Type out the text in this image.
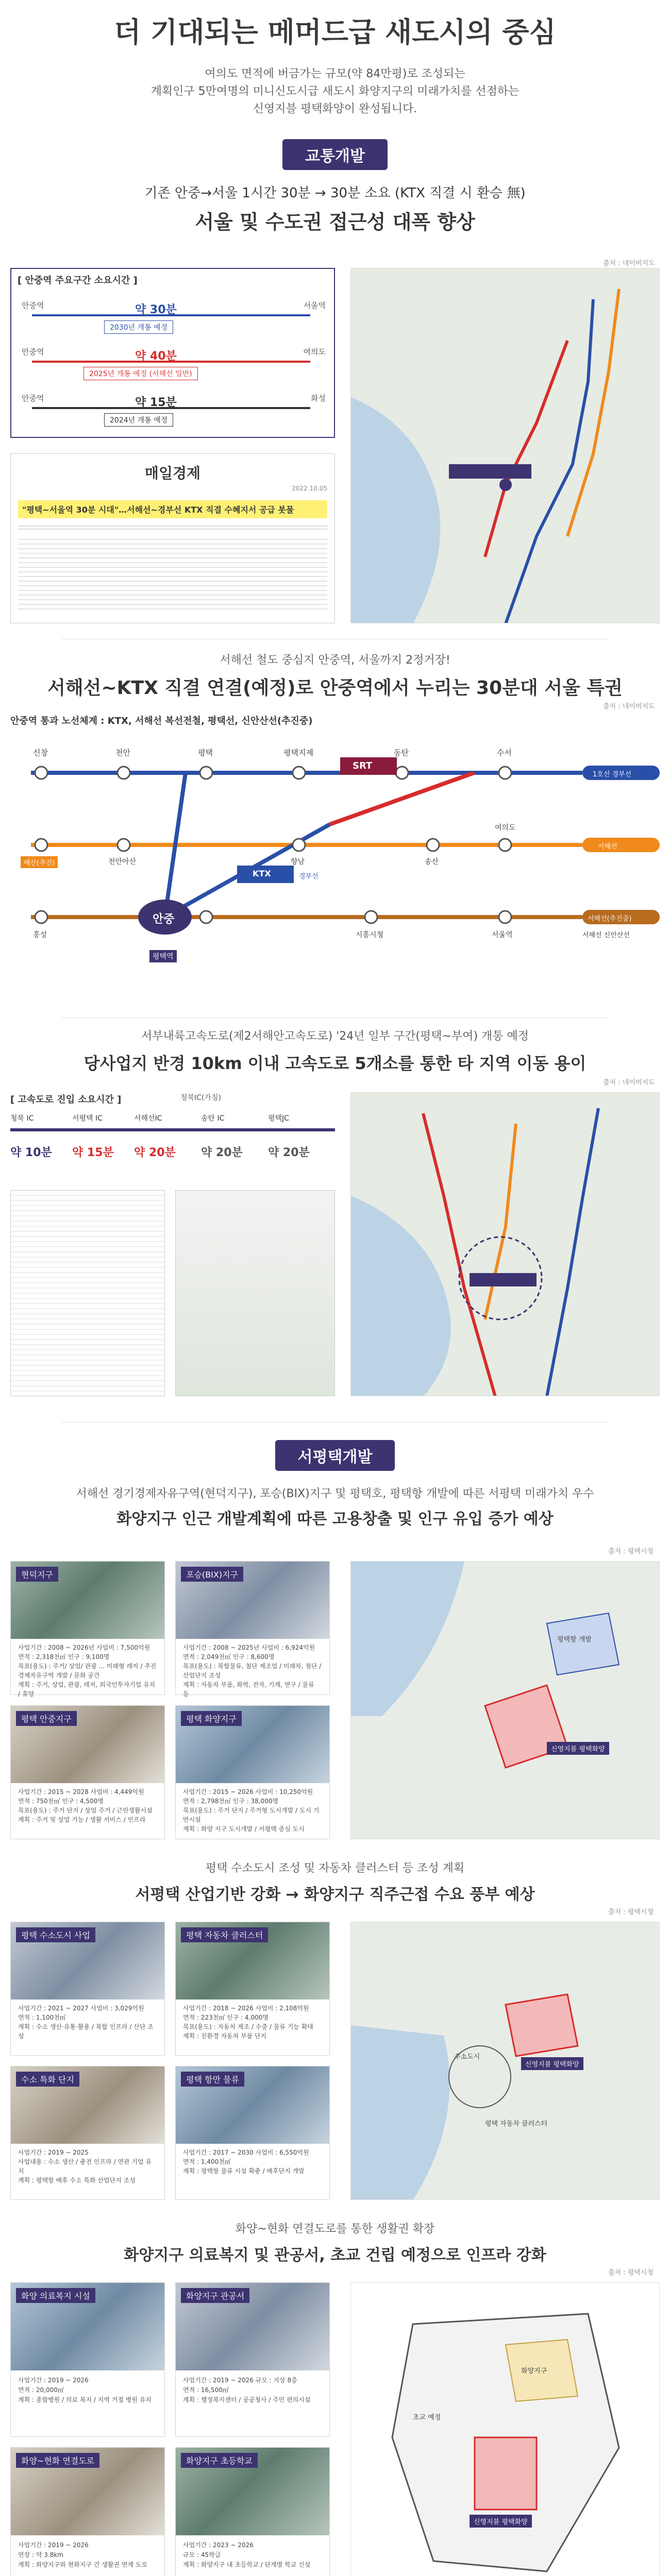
더 기대되는 메머드급 새도시의 중심
여의도 면적에 버금가는 규모(약 84만평)로 조성되는
계획인구 5만여명의 미니신도시급 새도시 화양지구의 미래가치를 선점하는
신영지블 평택화양이 완성됩니다.
교통개발
기존 안중→서울 1시간 30분 → 30분 소요 (KTX 직결 시 환승 無)
서울 및 수도권 접근성 대폭 향상
출처 : 네이버지도
[ 안중역 주요구간 소요시간 ]
안중역	서울역
약 30분
2030년 개통 예정
안중역	여의도
약 40분
2025년 개통 예정 (서해선 일반)
안중역	화성
약 15분
2024년 개통 예정
매일경제
2022.10.05
"평택~서울역 30분 시대"…서해선~경부선 KTX 직결 수혜지서 공급 봇물
서해선 철도 중심지 안중역, 서울까지 2정거장!
서해선~KTX 직결 연결(예정)로 안중역에서 누리는 30분대 서울 특권
안중역 통과 노선체계 : KTX, 서해선 복선전철, 평택선, 신안산선(추진중)
출처 : 네이버지도
신창	천안	평택	평택지제	동탄	수서
SRT
1호선 경부선
서해선
서해선(추진중)
예산(추진)	천안아산	향남	송산
여의도
안중
KTX	경부선
홍성
평택역
시흥시청	서울역	서해선 신안산선
서부내륙고속도로(제2서해안고속도로) '24년 일부 구간(평택~부여) 개통 예정
당사업지 반경 10km 이내 고속도로 5개소를 통한 타 지역 이동 용이
출처 : 네이버지도
[ 고속도로 진입 소요시간 ]	청북IC(가칭)
청북 IC	서평택 IC	서해선IC	송탄 IC	평택JC
약 10분 약 15분 약 20분 약 20분 약 20분
서평택개발
서해선 경기경제자유구역(현덕지구), 포승(BIX)지구 및 평택호, 평택항 개발에 따른 서평택 미래가치 우수
화양지구 인근 개발계획에 따른 고용창출 및 인구 유입 증가 예상
출처 : 평택시청
현덕지구
사업기간 : 2008 ~ 2026년 사업비 : 7,500억원
면적 : 2,318천㎡ 인구 : 9,100명
목표(용도) : 주거/ 상업/ 관광 ... 미래형 레저 / 추진 경제자유구역 개발 / 문화 공간
계획 : 주거, 상업, 관광, 레저, 외국인투자기업 유치 / 휴양
포승(BIX)지구
사업기간 : 2008 ~ 2025년 사업비 : 6,924억원
면적 : 2,049천㎡ 인구 : 8,600명
목표(용도) : 복합물류, 첨단 제조업 / 미래차, 첨단 / 산업단지 조성
계획 : 자동차 부품, 화학, 전자, 기계, 연구 / 물류 등
평택 안중지구
사업기간 : 2015 ~ 2028 사업비 : 4,449억원
면적 : 750천㎡ 인구 : 4,500명
목표(용도) : 주거 단지 / 상업 주거 / 근린생활시설
계획 : 주거 및 상업 기능 / 생활 서비스 / 인프라
평택 화양지구
사업기간 : 2015 ~ 2026 사업비 : 10,250억원
면적 : 2,798천㎡ 인구 : 38,000명
목표(용도) : 주거 단지 / 주거형 도시개발 / 도시 기반시설
계획 : 화양 지구 도시개발 / 서평택 중심 도시
신영지블 평택화양
평택항 개발
평택 수소도시 조성 및 자동차 클러스터 등 조성 계획
서평택 산업기반 강화 → 화양지구 직주근접 수요 풍부 예상
출처 : 평택시청
평택 수소도시 사업
사업기간 : 2021 ~ 2027 사업비 : 3,029억원
면적 : 1,100천㎡
계획 : 수소 생산·유통·활용 / 복합 인프라 / 산단 조성
평택 자동차 클러스터
사업기간 : 2018 ~ 2026 사업비 : 2,108억원
면적 : 223천㎡ 인구 : 4,000명
목표(용도) : 자동차 제조 / 수출 / 물류 기능 확대
계획 : 친환경 자동차 부품 단지
수소 특화 단지
사업기간 : 2019 ~ 2025
사업내용 : 수소 생산 / 충전 인프라 / 연관 기업 유치
계획 : 평택항 배후 수소 특화 산업단지 조성
평택 항만 물류
사업기간 : 2017 ~ 2030 사업비 : 6,550억원
면적 : 1,400천㎡
계획 : 평택항 물류 시설 확충 / 배후단지 개발
수소도시
신영지블 평택화양
평택 자동차 클러스터
화양~현화 연결도로를 통한 생활권 확장
화양지구 의료복지 및 관공서, 초교 건립 예정으로 인프라 강화
출처 : 평택시청
화양 의료복지 시설
사업기간 : 2019 ~ 2026
면적 : 20,000㎡
계획 : 종합병원 / 의료 복지 / 지역 거점 병원 유치
화양지구 관공서
사업기간 : 2019 ~ 2026 규모 : 지상 8층
면적 : 16,500㎡
계획 : 행정복지센터 / 공공청사 / 주민 편의시설
화양~현화 연결도로
사업기간 : 2019 ~ 2026
연장 : 약 3.8km
계획 : 화양지구와 현화지구 간 생활권 연계 도로
화양지구 초등학교
사업기간 : 2023 ~ 2026
규모 : 45학급
계획 : 화양지구 내 초등학교 / 단계별 학교 신설
신영지블 평택화양
화양지구
초교 예정
